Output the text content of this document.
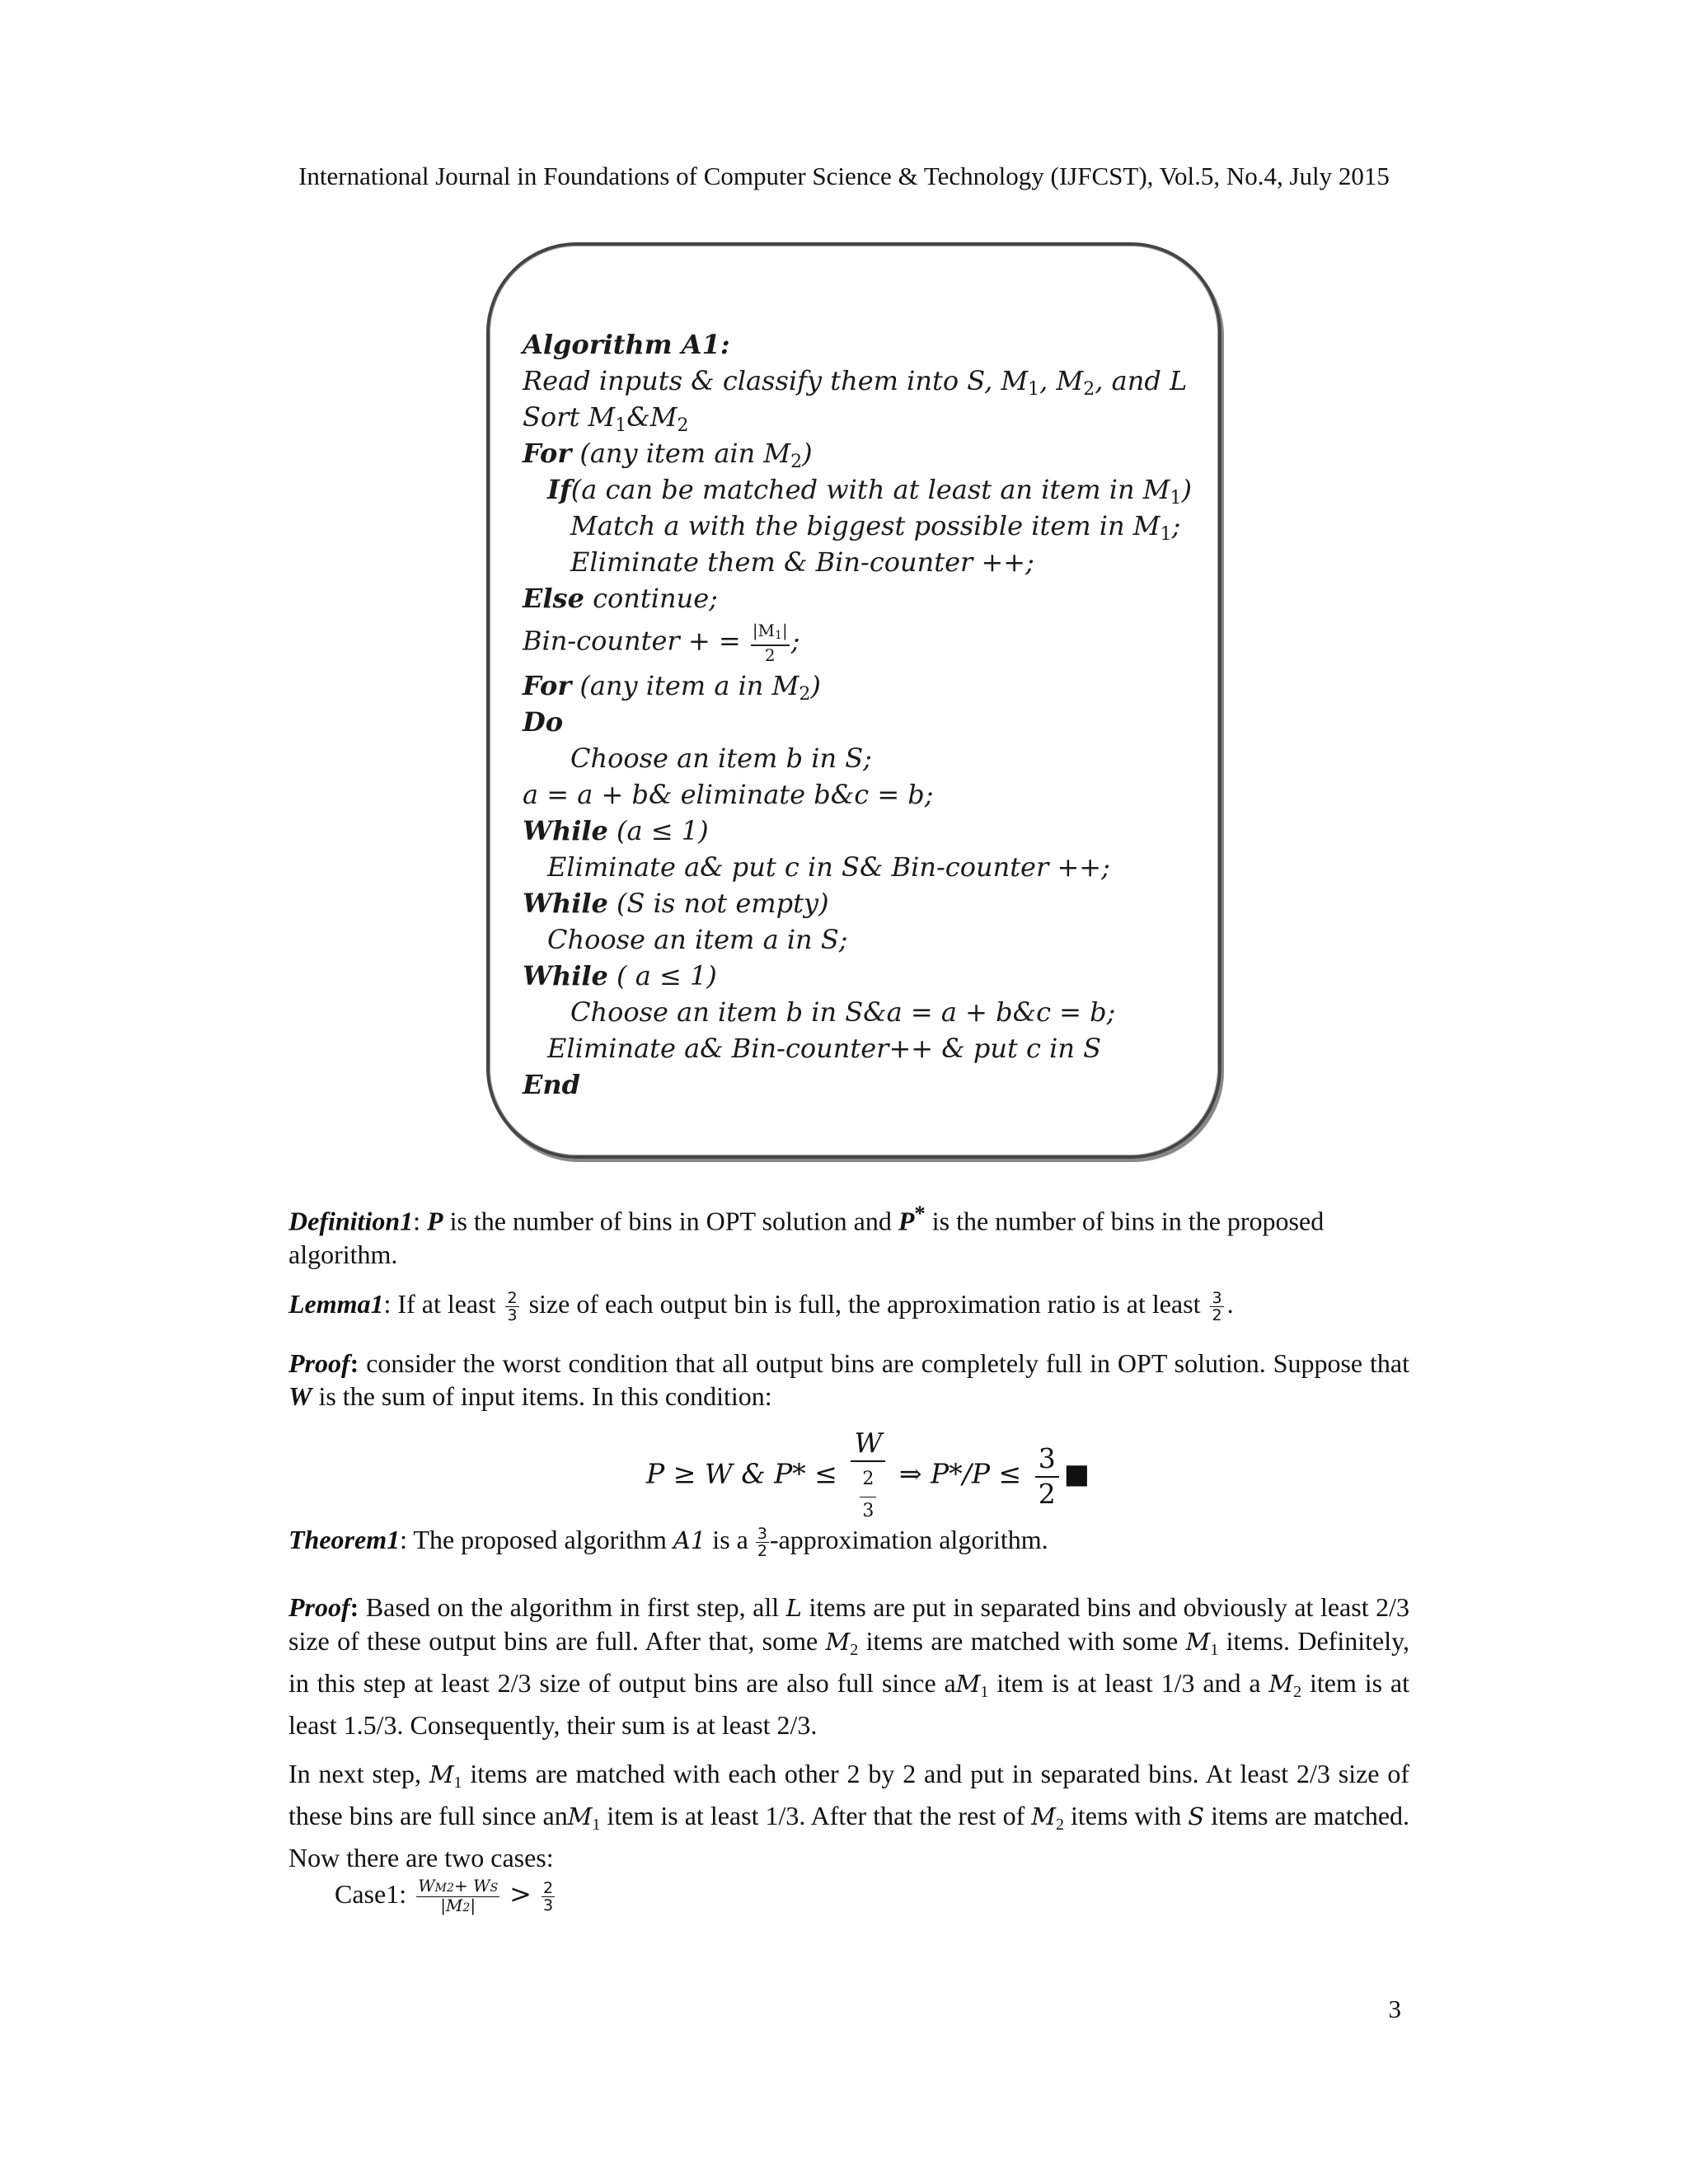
International Journal in Foundations of Computer Science & Technology (IJFCST), Vol.5, No.4, July 2015
Algorithm A1:
Read inputs & classify them into S, $M_1$, $M_2$, and L
Sort $M_1\&M_2$
For (any item ain $M_2$)
If(a can be matched with at least an item in $M_1$)
Match a with the biggest possible item in $M_1$;
Eliminate them & Bin-counter ++;
Else continue;
Bin-counter + = $\frac{|M_1|}{2}$ ;
For (any item a in $M_2$)
Do
Choose an item b in S;
a = a + b& eliminate b&c = b;
While (a ≤ 1)
Eliminate a& put c in S& Bin-counter ++;
While (S is not empty)
Choose an item a in S;
While ( a ≤ 1)
Choose an item b in S&a = a + b&c = b;
Eliminate a& Bin-counter++ & put c in S
End
Definition1: P is the number of bins in OPT solution and P* is the number of bins in the proposed algorithm.
Lemma1: If at least $\frac{2}{3}$ size of each output bin is full, the approximation ratio is at least $\frac{3}{2}$ .
Proof: consider the worst condition that all output bins are completely full in OPT solution. Suppose that W is the sum of input items. In this condition:
P ≥ W & $P* \le \frac{W}{\frac{2}{3}}$ ⇒ $P*/P \le \frac{3}{2}$ ■
Theorem1: The proposed algorithm A1 is a $\frac{3}{2}$ -approximation algorithm.
Proof: Based on the algorithm in first step, all L items are put in separated bins and obviously at least 2/3 size of these output bins are full. After that, some M2 items are matched with some M1 items. Definitely, in this step at least 2/3 size of output bins are also full since aM1 item is at least 1/3 and a M2 item is at least 1.5/3. Consequently, their sum is at least 2/3.
In next step, M1 items are matched with each other 2 by 2 and put in separated bins. At least 2/3 size of these bins are full since anM1 item is at least 1/3. After that the rest of M2 items with S items are matched. Now there are two cases:
Case1: $\frac{WM2+ WS}{|M2|} > \frac{2}{3}$
3
